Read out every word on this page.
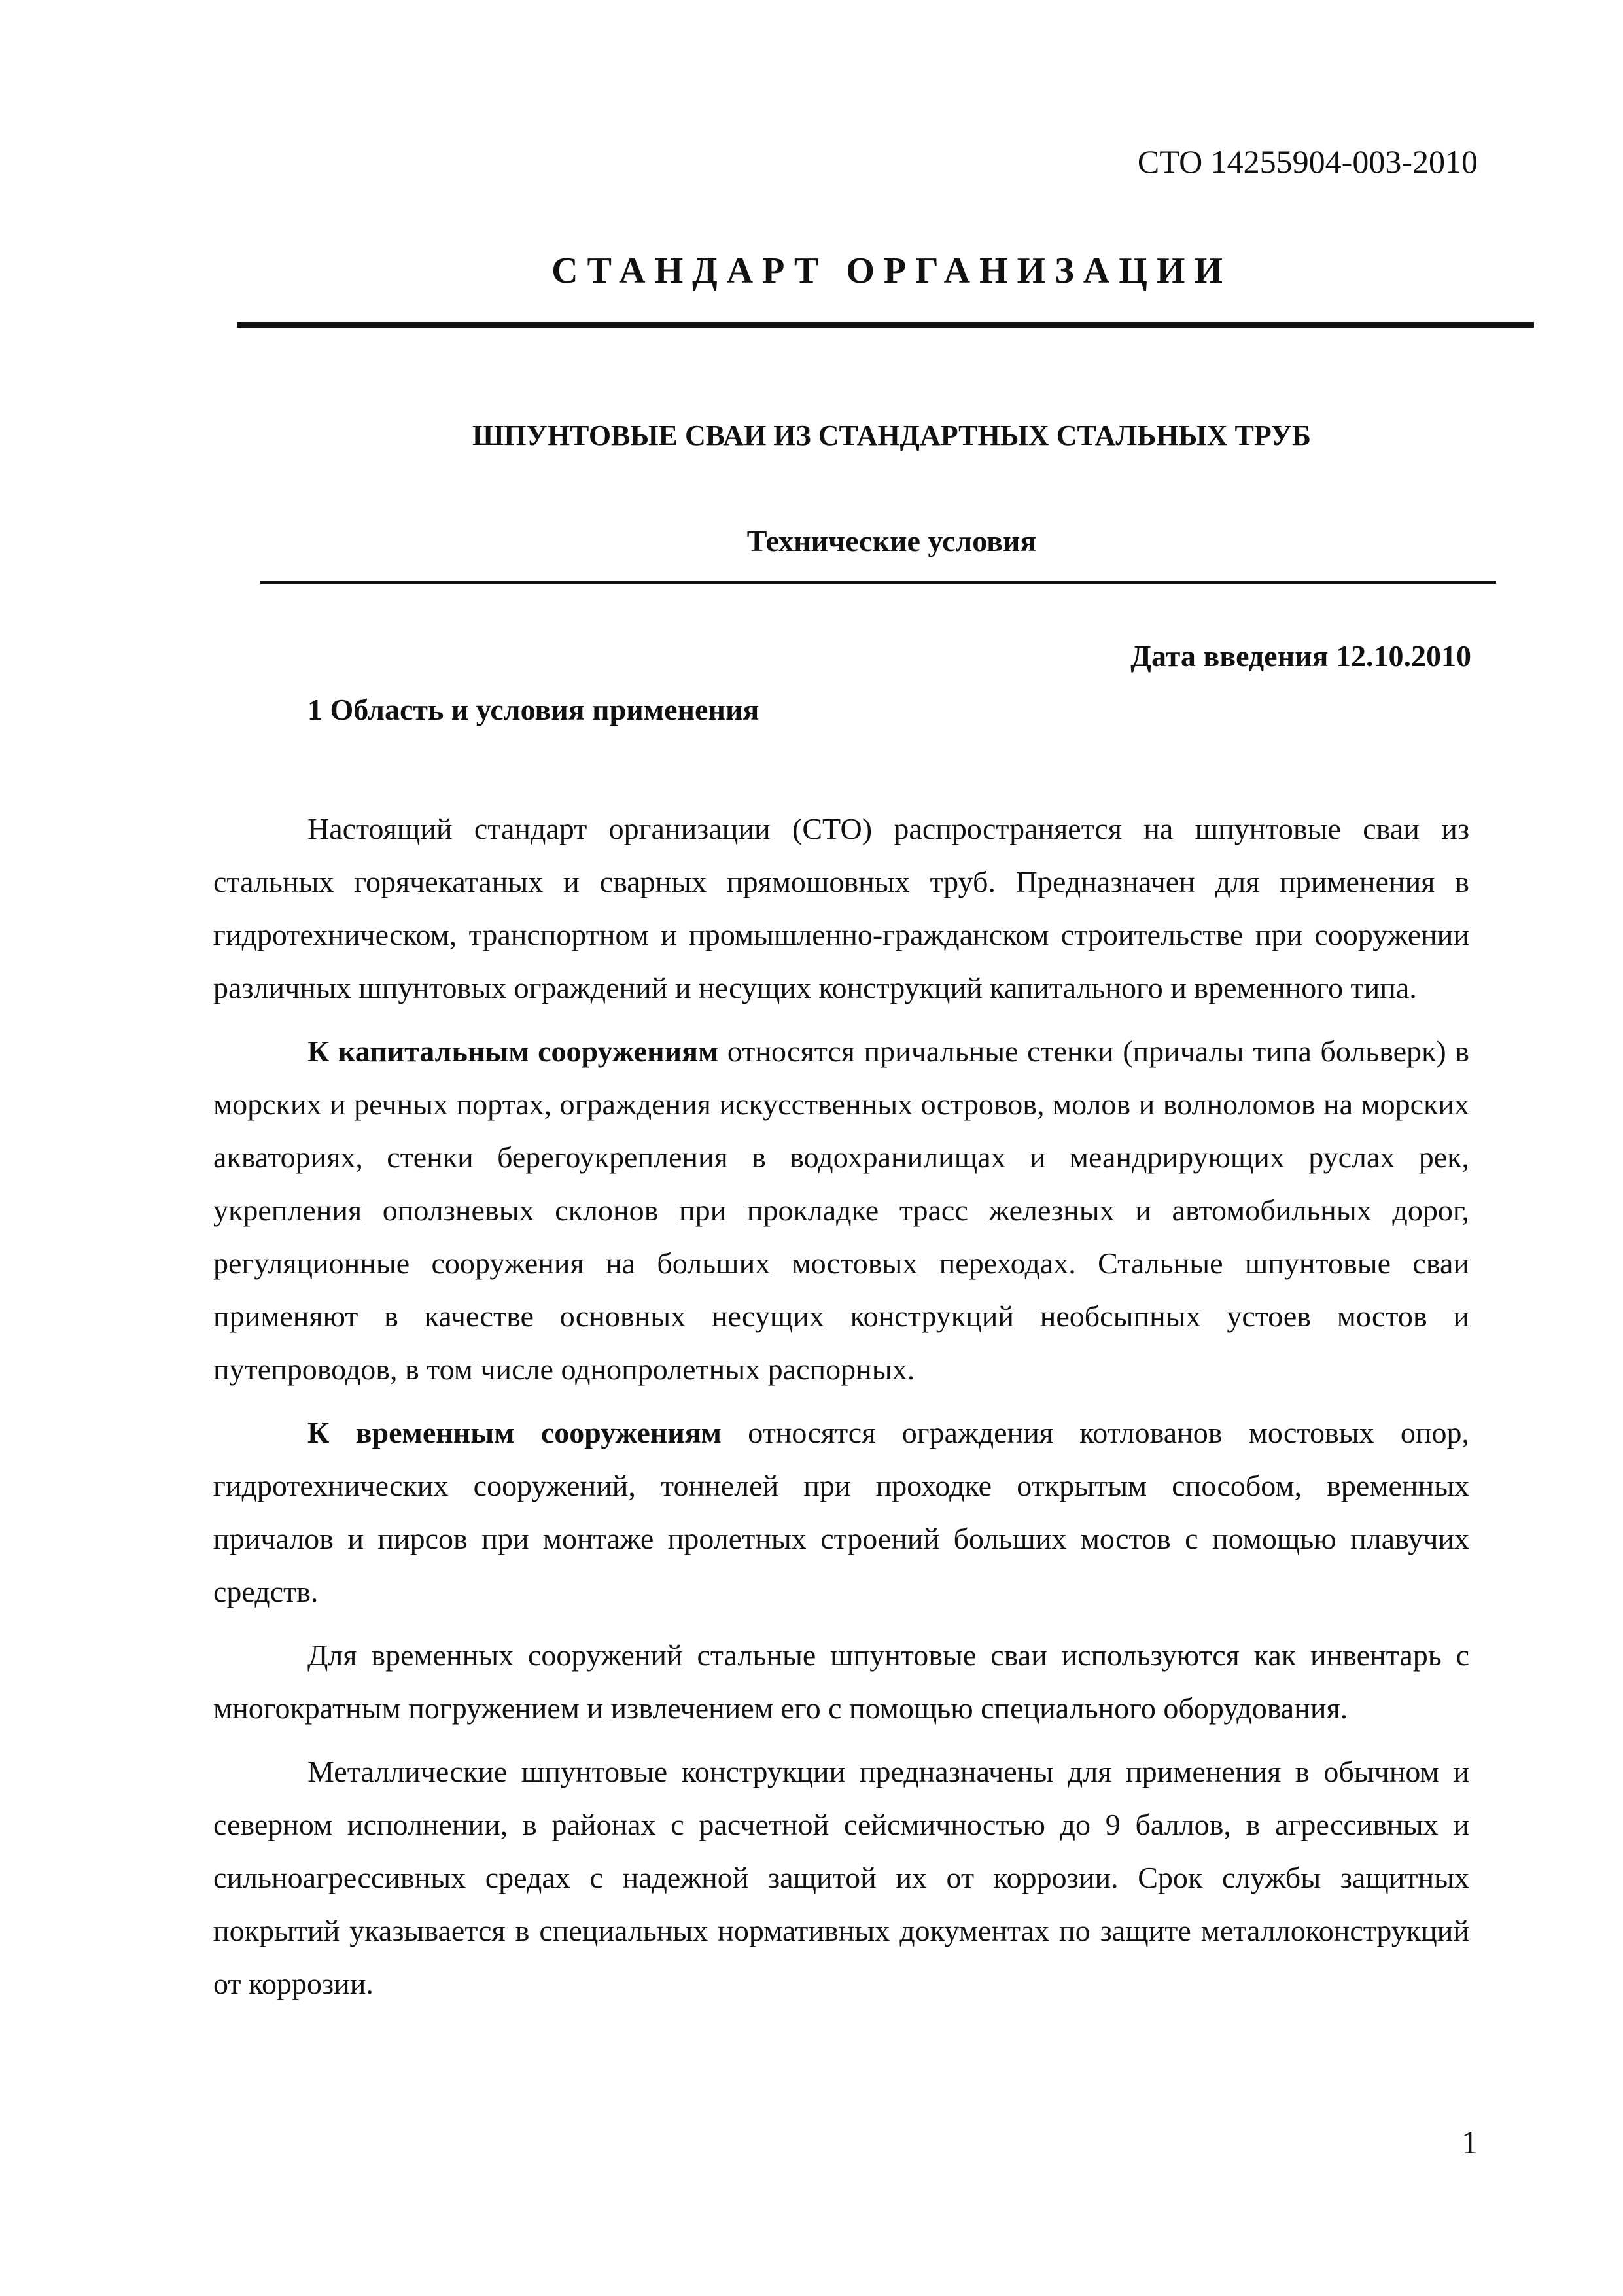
СТО 14255904-003-2010
СТАНДАРТ ОРГАНИЗАЦИИ
ШПУНТОВЫЕ СВАИ ИЗ СТАНДАРТНЫХ СТАЛЬНЫХ ТРУБ
Технические условия
Дата введения 12.10.2010
1 Область и условия применения

Настоящий стандарт организации (СТО) распространяется на шпунтовые сваи из стальных горячекатаных и сварных прямошовных труб. Предназначен для применения в гидротехническом, транспортном и промышленно-гражданском строительстве при сооружении различных шпунтовых ограждений и несущих конструкций капитального и временного типа.

К капитальным сооружениям относятся причальные стенки (причалы типа больверк) в морских и речных портах, ограждения искусственных островов, молов и волноломов на морских акваториях, стенки берегоукрепления в водохранилищах и меандрирующих руслах рек, укрепления оползневых склонов при прокладке трасс железных и автомобильных дорог, регуляционные сооружения на больших мостовых переходах. Стальные шпунтовые сваи применяют в качестве основных несущих конструкций необсыпных устоев мостов и путепроводов, в том числе однопролетных распорных.

К временным сооружениям относятся ограждения котлованов мостовых опор, гидротехнических сооружений, тоннелей при проходке открытым способом, временных причалов и пирсов при монтаже пролетных строений больших мостов с помощью плавучих средств.

Для временных сооружений стальные шпунтовые сваи используются как инвентарь с многократным погружением и извлечением его с помощью специального оборудования.

Металлические шпунтовые конструкции предназначены для применения в обычном и северном исполнении, в районах с расчетной сейсмичностью до 9 баллов, в агрессивных и сильноагрессивных средах с надежной защитой их от коррозии. Срок службы защитных покрытий указывается в специальных нормативных документах по защите металлоконструкций от коррозии.

1
